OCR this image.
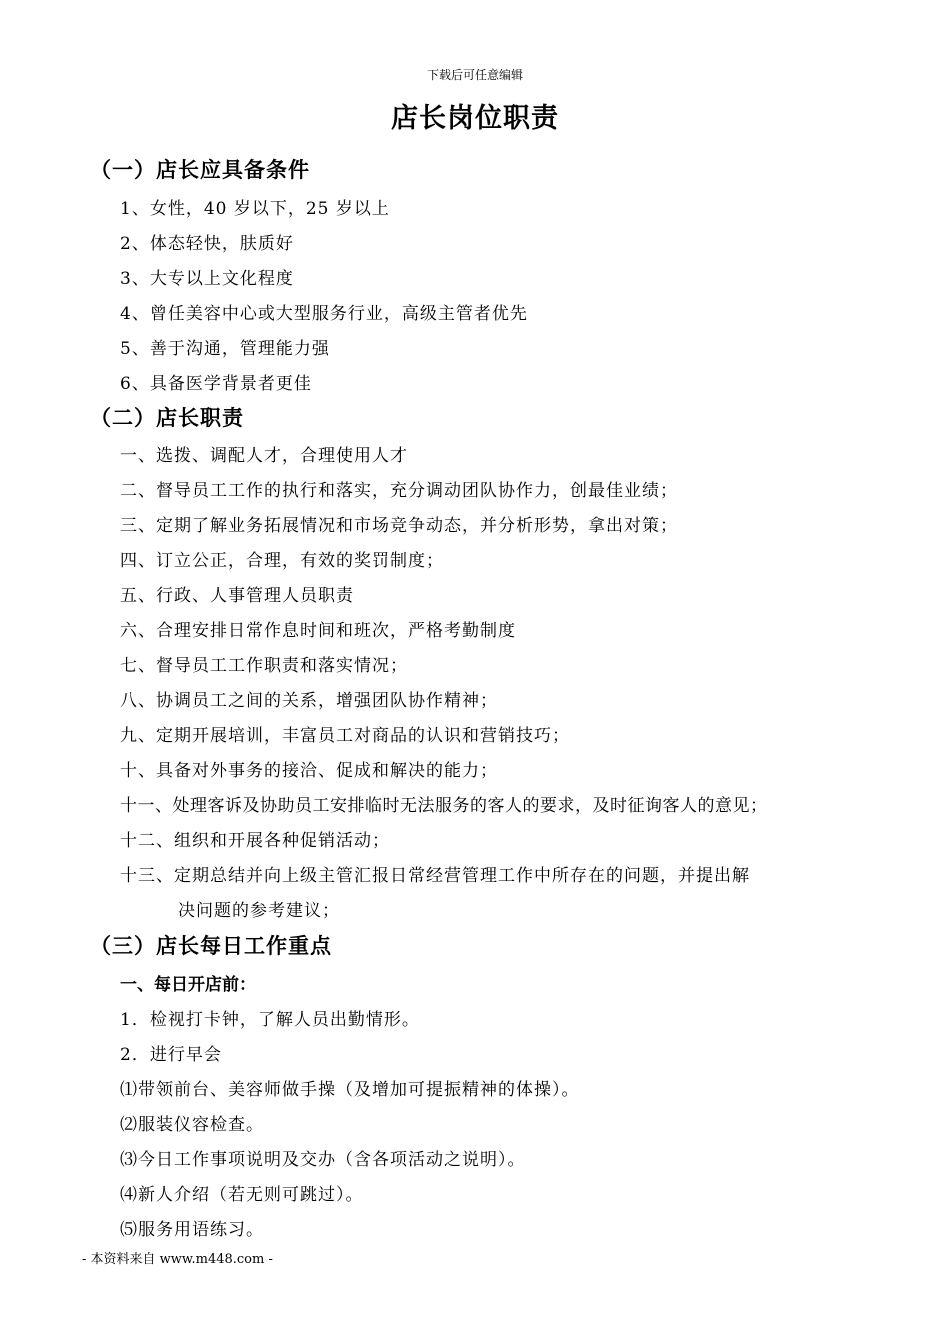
下载后可任意编辑
店长岗位职责
（一）店长应具备条件
1、女性，40 岁以下，25 岁以上
2、体态轻快，肤质好
3、大专以上文化程度
4、曾任美容中心或大型服务行业，高级主管者优先
5、善于沟通，管理能力强
6、具备医学背景者更佳
（二）店长职责
一、选拨、调配人才，合理使用人才
二、督导员工工作的执行和落实，充分调动团队协作力，创最佳业绩；
三、定期了解业务拓展情况和市场竞争动态，并分析形势，拿出对策；
四、订立公正，合理，有效的奖罚制度；
五、行政、人事管理人员职责
六、合理安排日常作息时间和班次，严格考勤制度
七、督导员工工作职责和落实情况；
八、协调员工之间的关系，增强团队协作精神；
九、定期开展培训，丰富员工对商品的认识和营销技巧；
十、具备对外事务的接洽、促成和解决的能力；
十一、处理客诉及协助员工安排临时无法服务的客人的要求，及时征询客人的意见；
十二、组织和开展各种促销活动；
十三、定期总结并向上级主管汇报日常经营管理工作中所存在的问题，并提出解
决问题的参考建议；
（三）店长每日工作重点
一、每日开店前：
1．检视打卡钟，了解人员出勤情形。
2．进行早会
⑴带领前台、美容师做手操（及增加可提振精神的体操）。
⑵服装仪容检查。
⑶今日工作事项说明及交办（含各项活动之说明）。
⑷新人介绍（若无则可跳过）。
⑸服务用语练习。
- 本资料来自 www.m448.com -
